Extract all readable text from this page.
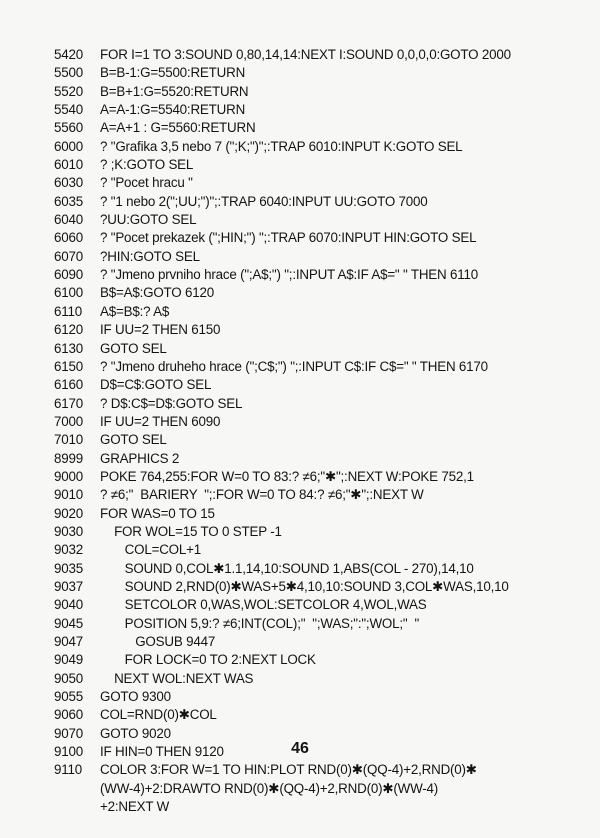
5420	FOR I=1 TO 3:SOUND 0,80,14,14:NEXT I:SOUND 0,0,0,0:GOTO 2000
5500	B=B-1:G=5500:RETURN
5520	B=B+1:G=5520:RETURN
5540	A=A-1:G=5540:RETURN
5560	A=A+1 : G=5560:RETURN
6000	? "Grafika 3,5 nebo 7 (";K;")";:TRAP 6010:INPUT K:GOTO SEL
6010	? ;K:GOTO SEL
6030	? "Pocet hracu "
6035	? "1 nebo 2(";UU;")";:TRAP 6040:INPUT UU:GOTO 7000
6040	?UU:GOTO SEL
6060	? "Pocet prekazek (";HIN;") ";:TRAP 6070:INPUT HIN:GOTO SEL
6070	?HIN:GOTO SEL
6090	? "Jmeno prvniho hrace (";A$;") ";:INPUT A$:IF A$=" " THEN 6110
6100	B$=A$:GOTO 6120
6110	A$=B$:? A$
6120	IF UU=2 THEN 6150
6130	GOTO SEL
6150	? "Jmeno druheho hrace (";C$;") ";:INPUT C$:IF C$=" " THEN 6170
6160	D$=C$:GOTO SEL
6170	? D$:C$=D$:GOTO SEL
7000	IF UU=2 THEN 6090
7010	GOTO SEL
8999	GRAPHICS 2
9000	POKE 764,255:FOR W=0 TO 83:? ≠6;"✱";:NEXT W:POKE 752,1
9010	? ≠6;"  BARIERY  ";:FOR W=0 TO 84:? ≠6;"✱";:NEXT W
9020	FOR WAS=0 TO 15
9030	FOR WOL=15 TO 0 STEP -1
9032	COL=COL+1
9035	SOUND 0,COL✱1.1,14,10:SOUND 1,ABS(COL - 270),14,10
9037	SOUND 2,RND(0)✱WAS+5✱4,10,10:SOUND 3,COL✱WAS,10,10
9040	SETCOLOR 0,WAS,WOL:SETCOLOR 4,WOL,WAS
9045	POSITION 5,9:? ≠6;INT(COL);"  ";WAS;":";WOL;"  "
9047	GOSUB 9447
9049	FOR LOCK=0 TO 2:NEXT LOCK
9050	NEXT WOL:NEXT WAS
9055	GOTO 9300
9060	COL=RND(0)✱COL
9070	GOTO 9020
9100	IF HIN=0 THEN 9120
9110	COLOR 3:FOR W=1 TO HIN:PLOT RND(0)✱(QQ-4)+2,RND(0)✱
(WW-4)+2:DRAWTO RND(0)✱(QQ-4)+2,RND(0)✱(WW-4)
+2:NEXT W
46
